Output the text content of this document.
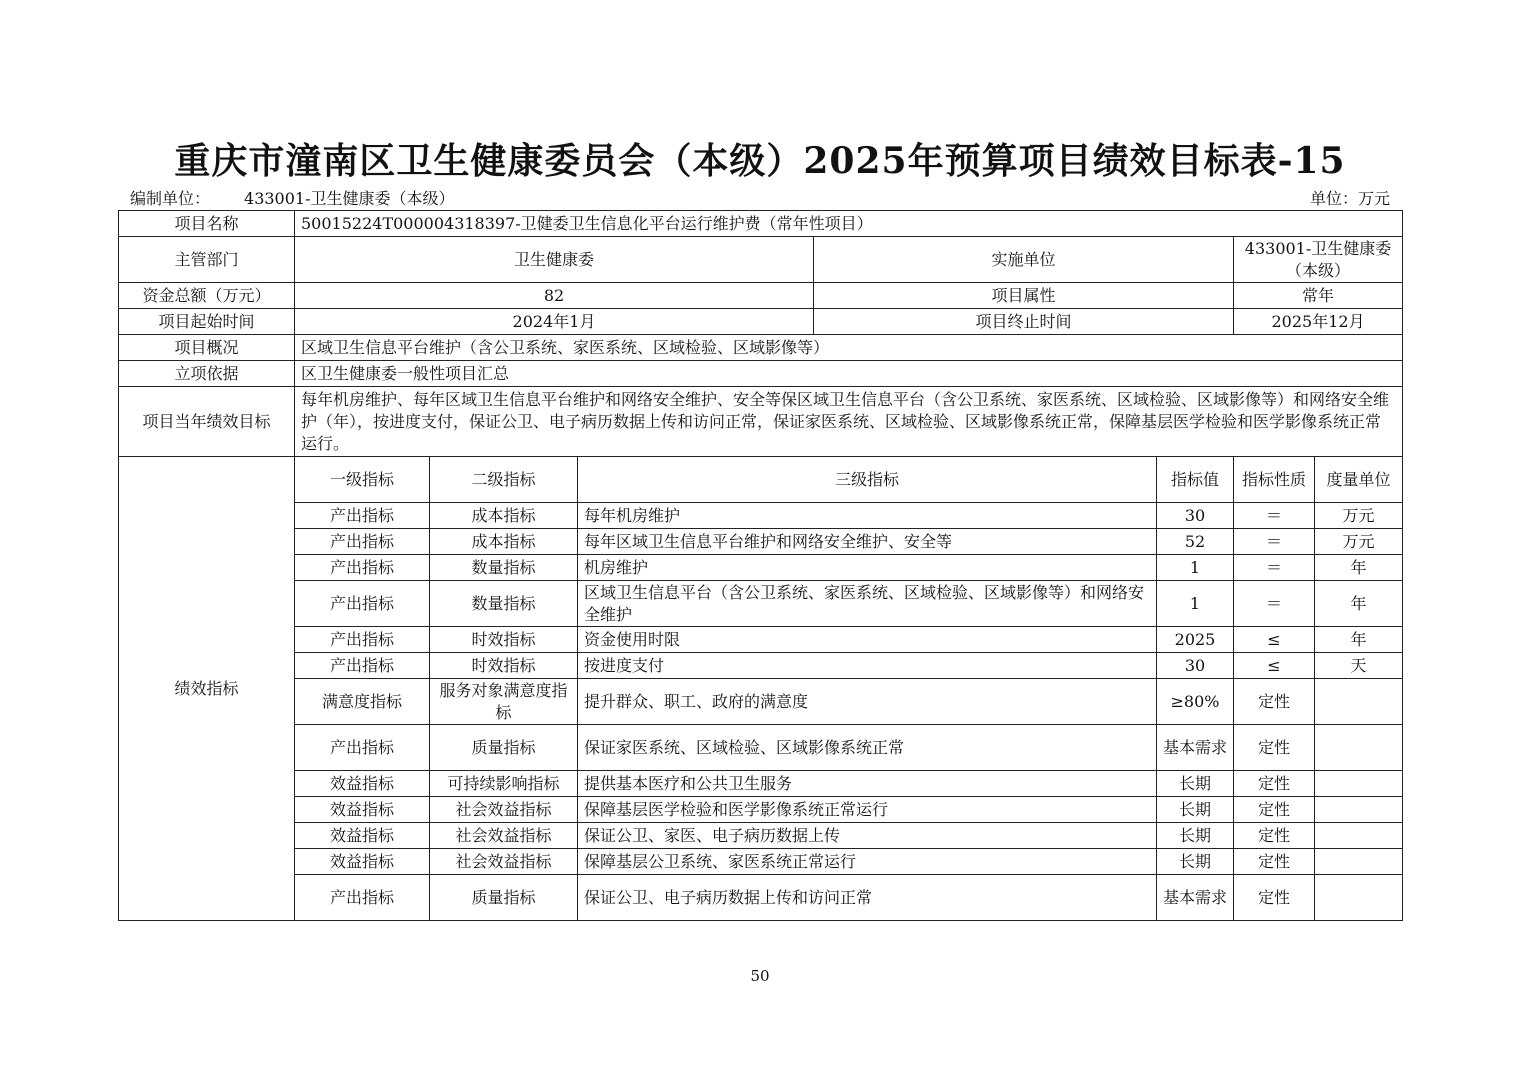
重庆市潼南区卫生健康委员会（本级）2025年预算项目绩效目标表-15
编制单位： 433001-卫生健康委（本级）	单位：万元
项目名称	50015224T000004318397-卫健委卫生信息化平台运行维护费（常年性项目）						
主管部门	卫生健康委			实施单位		433001-卫生健康委（本级）	
资金总额（万元）	82			项目属性		常年	
项目起始时间	2024年1月			项目终止时间		2025年12月	
项目概况	区域卫生信息平台维护（含公卫系统、家医系统、区域检验、区域影像等）						
立项依据	区卫生健康委一般性项目汇总						
项目当年绩效目标	每年机房维护、每年区域卫生信息平台维护和网络安全维护、安全等保区域卫生信息平台（含公卫系统、家医系统、区域检验、区域影像等）和网络安全维护（年），按进度支付，保证公卫、电子病历数据上传和访问正常，保证家医系统、区域检验、区域影像系统正常，保障基层医学检验和医学影像系统正常运行。						
绩效指标	一级指标	二级指标	三级指标		指标值	指标性质	度量单位
	产出指标	成本指标	每年机房维护		30	＝	万元
	产出指标	成本指标	每年区域卫生信息平台维护和网络安全维护、安全等		52	＝	万元
	产出指标	数量指标	机房维护		1	＝	年
	产出指标	数量指标	区域卫生信息平台（含公卫系统、家医系统、区域检验、区域影像等）和网络安全维护		1	＝	年
	产出指标	时效指标	资金使用时限		2025	≤	年
	产出指标	时效指标	按进度支付		30	≤	天
	满意度指标	服务对象满意度指标	提升群众、职工、政府的满意度		≥80%	定性	
	产出指标	质量指标	保证家医系统、区域检验、区域影像系统正常		基本需求	定性	
	效益指标	可持续影响指标	提供基本医疗和公共卫生服务		长期	定性	
	效益指标	社会效益指标	保障基层医学检验和医学影像系统正常运行		长期	定性	
	效益指标	社会效益指标	保证公卫、家医、电子病历数据上传		长期	定性	
	效益指标	社会效益指标	保障基层公卫系统、家医系统正常运行		长期	定性	
	产出指标	质量指标	保证公卫、电子病历数据上传和访问正常		基本需求	定性	
50
